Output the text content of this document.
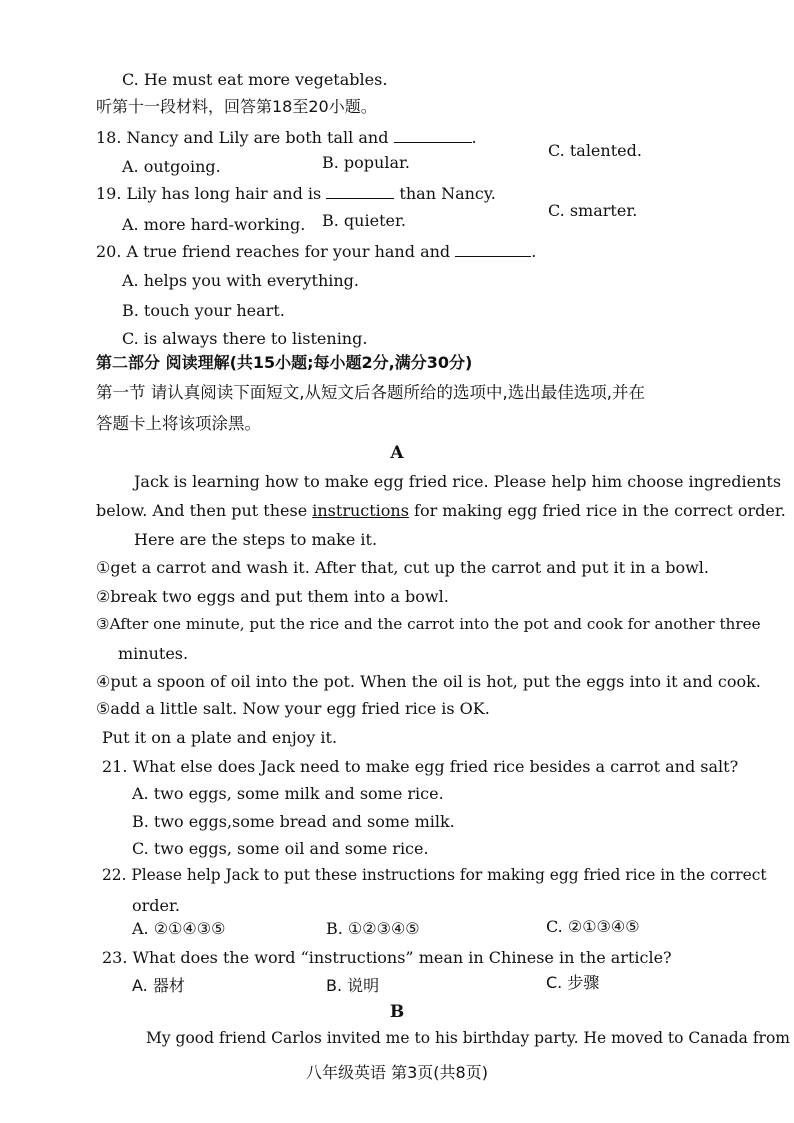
C. He must eat more vegetables.
听第十一段材料，回答第18至20小题。
18. Nancy and Lily are both tall and	.
A. outgoing.	B. popular.
C. talented.
19. Lily has long hair and is	than Nancy.
A. more hard-working. B. quieter.
C. smarter.
20. A true friend reaches for your hand and	.
A. helps you with everything.
B. touch your heart.
C. is always there to listening.
第二部分 阅读理解(共15小题;每小题2分,满分30分)
第一节 请认真阅读下面短文,从短文后各题所给的选项中,选出最佳选项,并在
答题卡上将该项涂黑。
A
Jack is learning how to make egg fried rice. Please help him choose ingredients
below. And then put these instructions for making egg fried rice in the correct order.
Here are the steps to make it.
①get a carrot and wash it. After that, cut up the carrot and put it in a bowl.
②break two eggs and put them into a bowl.
③After one minute, put the rice and the carrot into the pot and cook for another three
minutes.
④put a spoon of oil into the pot. When the oil is hot, put the eggs into it and cook.
⑤add a little salt. Now your egg fried rice is OK.
Put it on a plate and enjoy it.
21. What else does Jack need to make egg fried rice besides a carrot and salt?
A. two eggs, some milk and some rice.
B. two eggs,some bread and some milk.
C. two eggs, some oil and some rice.
22. Please help Jack to put these instructions for making egg fried rice in the correct
order.
A. ②①④③⑤	B. ①②③④⑤	C. ②①③④⑤
23. What does the word “instructions” mean in Chinese in the article?
A. 器材	B. 说明	C. 步骤
B
My good friend Carlos invited me to his birthday party. He moved to Canada from
八年级英语 第3页(共8页)
